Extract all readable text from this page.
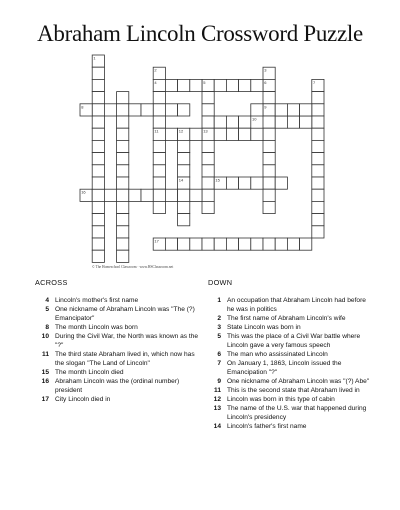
Abraham Lincoln Crossword Puzzle
1
2	3
4	5	6	7
8	9
10
11	12	13
14	15
16
17
© The Homeschool Classroom · www.HSClassroom.net
ACROSS	DOWN
4 Lincoln's mother's first name
5 One nickname of Abraham Lincoln was "The (?) Emancipator"
8 The month Lincoln was born
10 During the Civil War, the North was known as the "?"
11 The third state Abraham lived in, which now has the slogan "The Land of Lincoln"
15 The month Lincoln died
16 Abraham Lincoln was the (ordinal number) president
17 City Lincoln died in
1 An occupation that Abraham Lincoln had before he was in politics
2 The first name of Abraham Lincoln's wife
3 State Lincoln was born in
5 This was the place of a Civil War battle where Lincoln gave a very famous speech
6 The man who assissinated Lincoln
7 On January 1, 1863, Lincoln issued the Emancipation "?"
9 One nickname of Abraham Lincoln was "(?) Abe"
11 This is the second state that Abraham lived in
12 Lincoln was born in this type of cabin
13 The name of the U.S. war that happened during Lincoln's presidency
14 Lincoln's father's first name
